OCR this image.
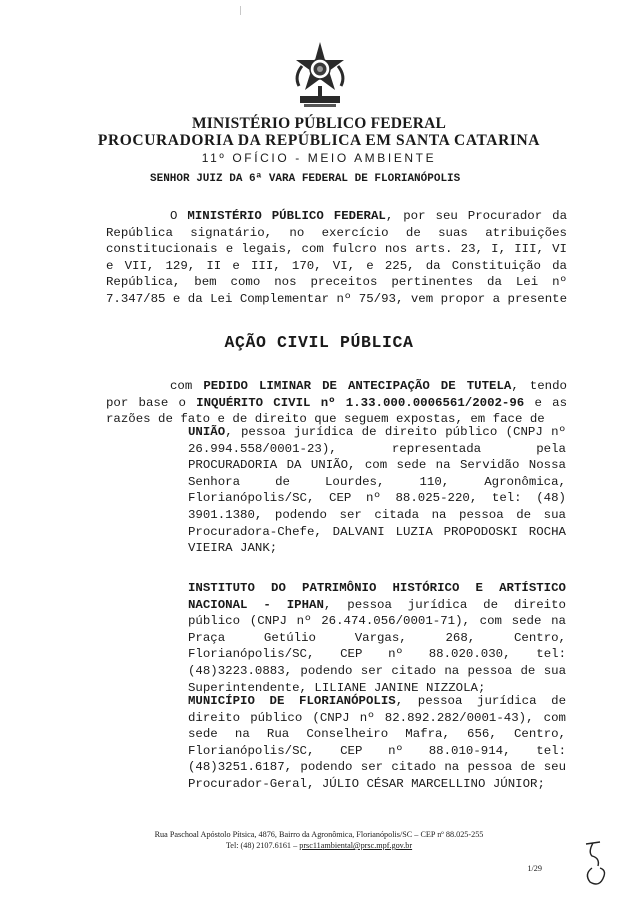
MINISTÉRIO PÚBLICO FEDERAL
PROCURADORIA DA REPÚBLICA EM SANTA CATARINA
11º OFÍCIO - MEIO AMBIENTE
SENHOR JUIZ DA 6ª VARA FEDERAL DE FLORIANÓPOLIS
O MINISTÉRIO PÚBLICO FEDERAL, por seu Procurador da República signatário, no exercício de suas atribuições constitucionais e legais, com fulcro nos arts. 23, I, III, VI e VII, 129, II e III, 170, VI, e 225, da Constituição da República, bem como nos preceitos pertinentes da Lei nº 7.347/85 e da Lei Complementar nº 75/93, vem propor a presente
AÇÃO CIVIL PÚBLICA
com PEDIDO LIMINAR DE ANTECIPAÇÃO DE TUTELA, tendo por base o INQUÉRITO CIVIL nº 1.33.000.0006561/2002-96 e as razões de fato e de direito que seguem expostas, em face de
UNIÃO, pessoa jurídica de direito público (CNPJ nº 26.994.558/0001-23), representada pela PROCURADORIA DA UNIÃO, com sede na Servidão Nossa Senhora de Lourdes, 110, Agronômica, Florianópolis/SC, CEP nº 88.025-220, tel: (48) 3901.1380, podendo ser citada na pessoa de sua Procuradora-Chefe, DALVANI LUZIA PROPODOSKI ROCHA VIEIRA JANK;
INSTITUTO DO PATRIMÔNIO HISTÓRICO E ARTÍSTICO NACIONAL - IPHAN, pessoa jurídica de direito público (CNPJ nº 26.474.056/0001-71), com sede na Praça Getúlio Vargas, 268, Centro, Florianópolis/SC, CEP nº 88.020.030, tel: (48)3223.0883, podendo ser citado na pessoa de sua Superintendente, LILIANE JANINE NIZZOLA;
MUNICÍPIO DE FLORIANÓPOLIS, pessoa jurídica de direito público (CNPJ nº 82.892.282/0001-43), com sede na Rua Conselheiro Mafra, 656, Centro, Florianópolis/SC, CEP nº 88.010-914, tel: (48)3251.6187, podendo ser citado na pessoa de seu Procurador-Geral, JÚLIO CÉSAR MARCELLINO JÚNIOR;
Rua Paschoal Apóstolo Pítsica, 4876, Bairro da Agronômica, Florianópolis/SC – CEP nº 88.025-255
Tel: (48) 2107.6161 – prsc11ambiental@prsc.mpf.gov.br
1/29
